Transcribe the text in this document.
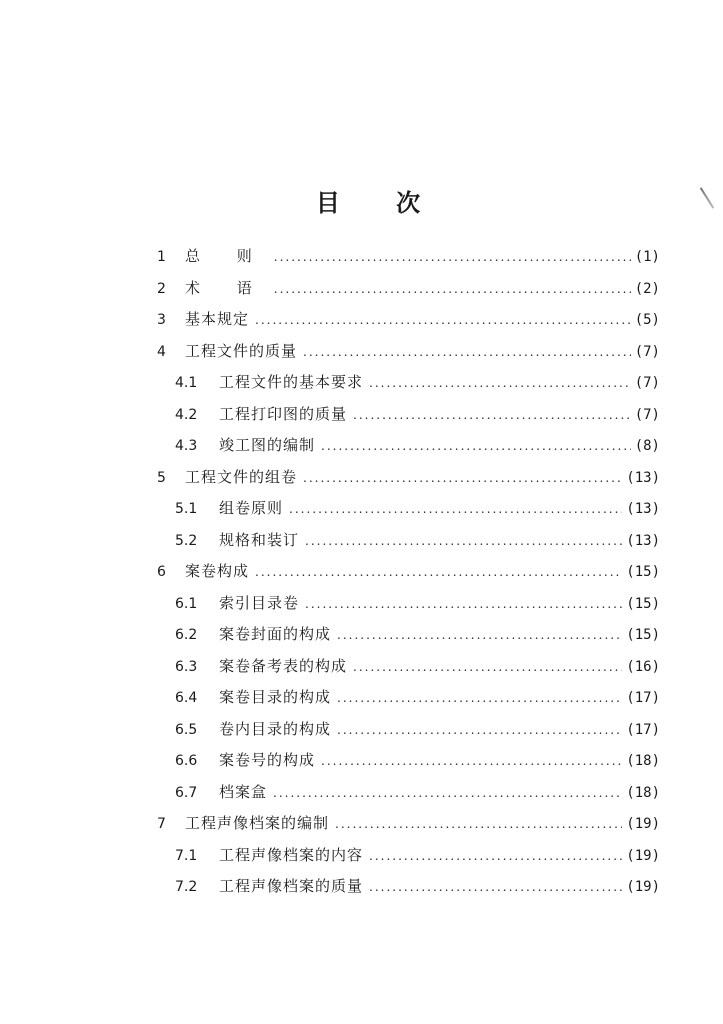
目 次
1	总 则 .....	(1)
2	术 语 .....	(2)
3	基本规定 .....	(5)
4	工程文件的质量 .....	(7)
4.1	工程文件的基本要求 .....	(7)
4.2	工程打印图的质量 .....	(7)
4.3	竣工图的编制 .....	(8)
5	工程文件的组卷 .....	(13)
5.1	组卷原则 .....	(13)
5.2	规格和装订 .....	(13)
6	案卷构成 .....	(15)
6.1	索引目录卷 .....	(15)
6.2	案卷封面的构成 .....	(15)
6.3	案卷备考表的构成 .....	(16)
6.4	案卷目录的构成 .....	(17)
6.5	卷内目录的构成 .....	(17)
6.6	案卷号的构成 .....	(18)
6.7	档案盒 .....	(18)
7	工程声像档案的编制 .....	(19)
7.1	工程声像档案的内容 .....	(19)
7.2	工程声像档案的质量 .....	(19)
